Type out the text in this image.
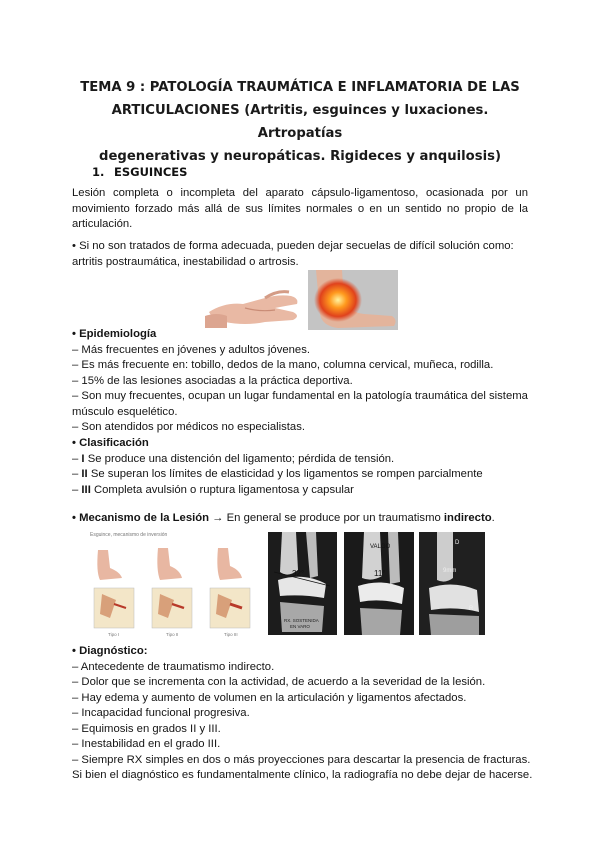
TEMA 9 : PATOLOGÍA TRAUMÁTICA E INFLAMATORIA DE LAS
ARTICULACIONES (Artritis, esguinces y luxaciones. Artropatías
degenerativas y neuropáticas. Rigideces y anquilosis)
1. ESGUINCES
Lesión completa o incompleta del aparato cápsulo-ligamentoso, ocasionada por un movimiento forzado más allá de sus límites normales o en un sentido no propio de la articulación.
• Si no son tratados de forma adecuada, pueden dejar secuelas de difícil solución como: artritis postraumática, inestabilidad o artrosis.
• Epidemiología
– Más frecuentes en jóvenes y adultos jóvenes.
– Es más frecuente en: tobillo, dedos de la mano, columna cervical, muñeca, rodilla.
– 15% de las lesiones asociadas a la práctica deportiva.
– Son muy frecuentes, ocupan un lugar fundamental en la patología traumática del sistema músculo esquelético.
– Son atendidos por médicos no especialistas.
• Clasificación
– I Se produce una distención del ligamento; pérdida de tensión.
– II Se superan los límites de elasticidad y los ligamentos se rompen parcialmente
– III Completa avulsión o ruptura ligamentosa y capsular
• Mecanismo de la Lesión → En general se produce por un traumatismo indirecto.
Esguince, mecanismo de inversión
Tipo I	Tipo II	Tipo III
32°
RX. SOSTENIDA
EN VARO
VALGO
11°
D
9mm
R
• Diagnóstico:
– Antecedente de traumatismo indirecto.
– Dolor que se incrementa con la actividad, de acuerdo a la severidad de la lesión.
– Hay edema y aumento de volumen en la articulación y ligamentos afectados.
– Incapacidad funcional progresiva.
– Equimosis en grados II y III.
– Inestabilidad en el grado III.
– Siempre RX simples en dos o más proyecciones para descartar la presencia de fracturas.
Si bien el diagnóstico es fundamentalmente clínico, la radiografía no debe dejar de hacerse.
